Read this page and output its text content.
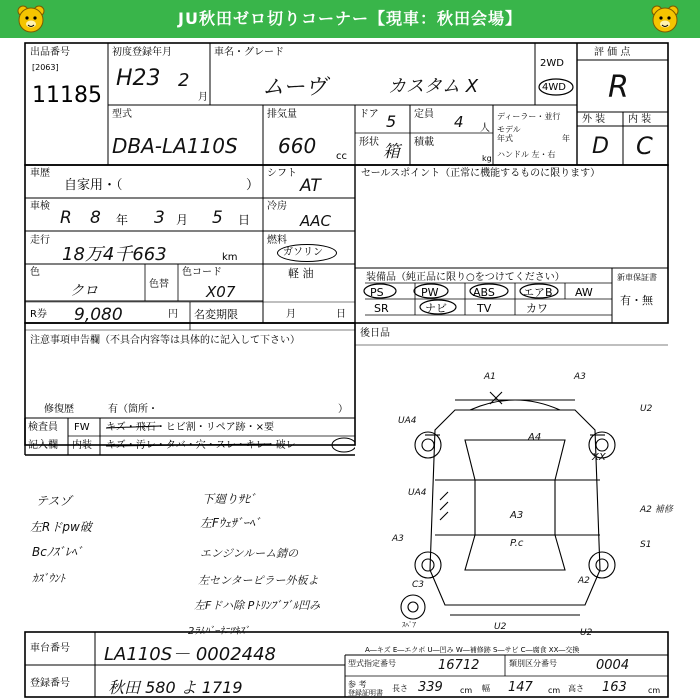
JU秋田ゼロ切りコーナー【現車：秋田会場】
出品番号
[2063]
11185
初度登録年月
H23 2
月
車名・グレード
ムーヴ	カスタム X
2WD
4WD
評 価 点
R
型式
DBA-LA110S
排気量
660 cc
ドア 5 定員 4 人
形状 箱 積載
kg
ディーラー・並行
モデル
年式	年
ハンドル 左・右
外 装 内 装
D C
車歴
自家用・（	）
シフト
AT
セールスポイント（正常に機能するものに限ります）
車検
R 8 年 3 月 5 日
冷房
AAC
走行
18万4千663	km
燃料
ガソリン
軽 油
色
クロ	色替
色コード
X07
装備品（純正品に限り○をつけてください）	新車保証書
有・無
PS	PW	ABS	エアB AW
SR	ナビ	TV	カワ
R券 9,080	円 名変期限	月	日
後日品
注意事項申告欄（不具合内容等は具体的に記入して下さい）
修復歴	有（箇所・	）
検査員
記入欄
FW キズ・飛石・ヒビ割・リペア跡・×要
内装 キズ・汚レ・タバ・穴・スレ・キレ・破レ
テスゾ
左Rドpw破
Bcﾉｽﾞﾚﾍﾞ
ｶｽﾞｳﾝﾄ
下廻りｻﾋﾞ
左Fｳｪｻﾞｰﾍﾞ
エンジンルーム錆の
左センターピラー外板よ
左Fドハ除 Pﾄﾘﾝﾌﾞﾌﾞﾙ凹み
2ﾗﾑﾊﾞｰﾈﾆﾂｷｽﾞ
A1	A3
U2
UA4
A4
XX
UA4
A2 補修
A3
P.c	S1
A3
C3	A2
U2
U2
ｽﾍﾟｱ
A―キズ E―エクボ U―凹み W―補修跡 S―サビ C―腐食 XX―交換
車台番号 LA110S－ 0002448
登録番号 秋田 580 よ 1719
型式指定番号	16712	類別区分番号	0004
参 考
登録証明書 長さ 339 cm 幅 147 cm 高さ 163	cm
